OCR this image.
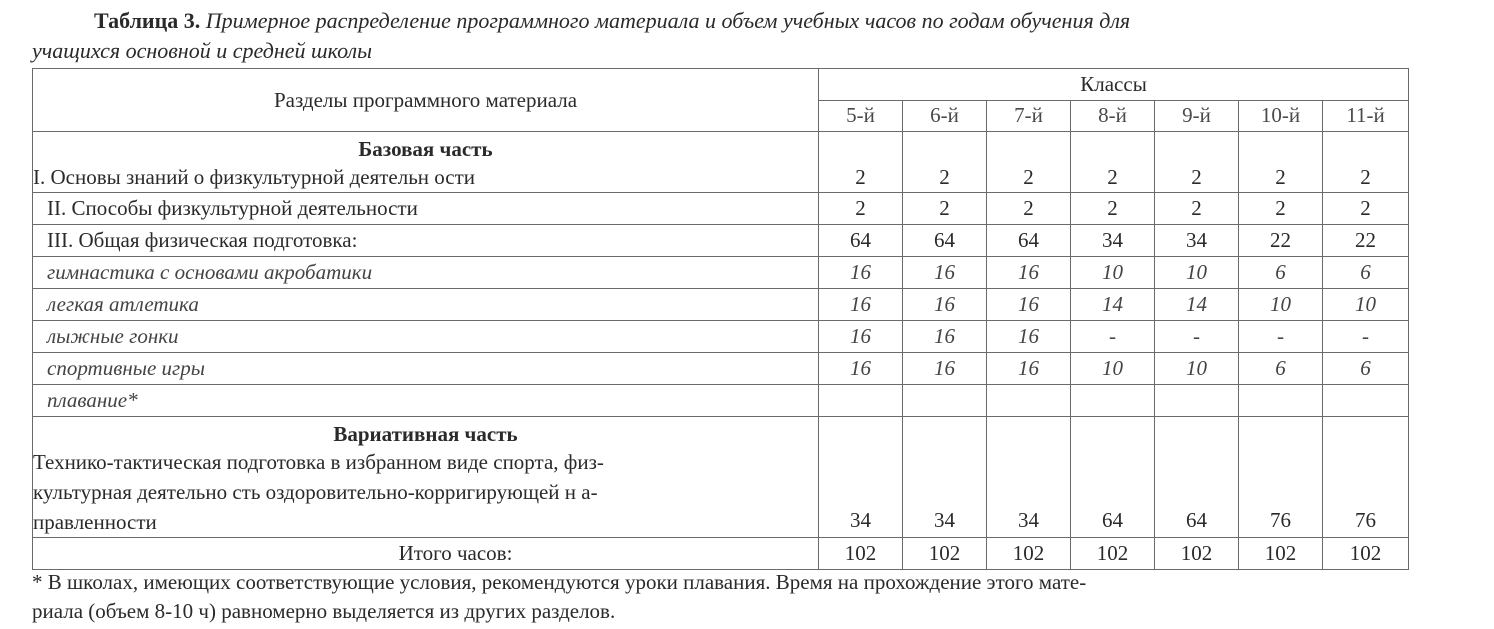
Таблица 3. Примерное распределение программного материала и объем учебных часов по годам обучения для
учащихся основной и средней школы

Разделы программного материала	Классы						
	5-й	6-й	7-й	8-й	9-й	10-й	11-й

Базовая часть

I. Основы знаний о физкультурной деятельн ости	2	2	2	2	2	2	2
II. Способы физкультурной деятельности	2	2	2	2	2	2	2
III. Общая физическая подготовка:	64	64	64	34	34	22	22
гимнастика с основами акробатики	16	16	16	10	10	6	6
легкая атлетика	16	16	16	14	14	10	10
лыжные гонки	16	16	16	-	-	-	-
спортивные игры	16	16	16	10	10	6	6
плавание*							

Вариативная часть

Технико-тактическая подготовка в избранном виде спорта, физ-

культурная деятельно сть оздоровительно-корригирующей н а-

правленности	34	34	34	64	64	76	76
Итого часов:	102	102	102	102	102	102	102

* В школах, имеющих соответствующие условия, рекомендуются уроки плавания. Время на прохождение этого мате-
риала (объем 8-10 ч) равномерно выделяется из других разделов.
